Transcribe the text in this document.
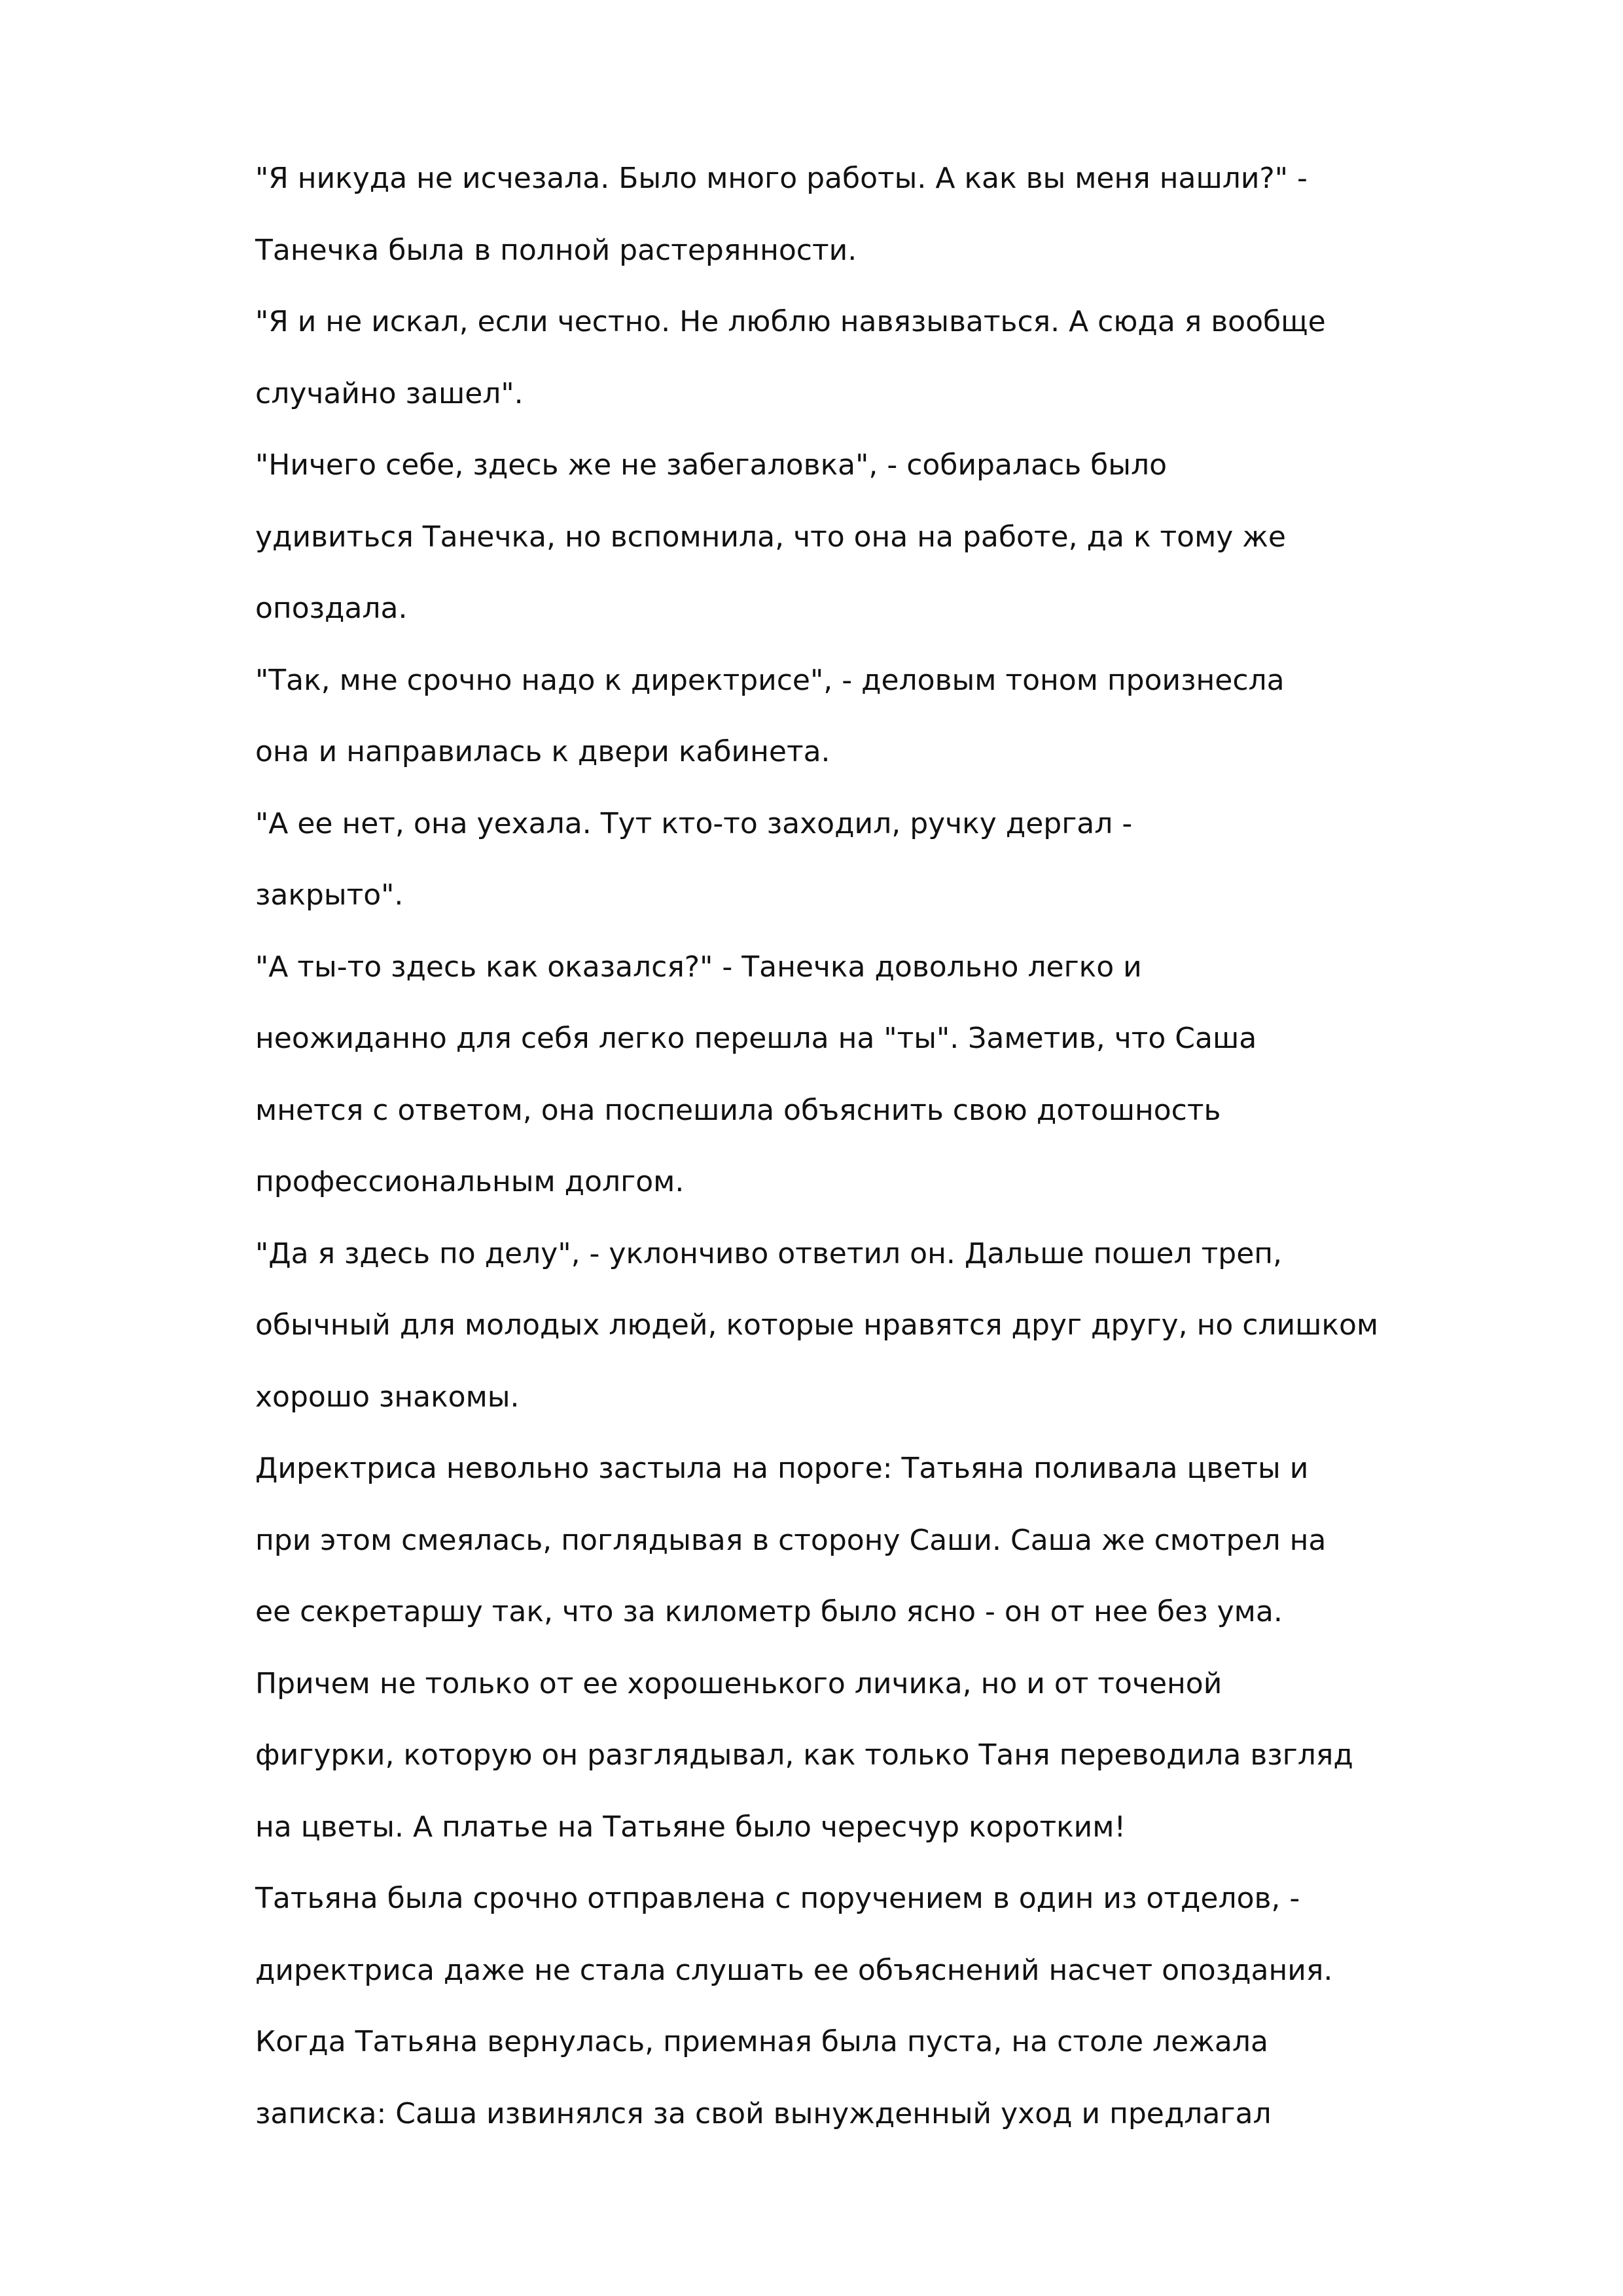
"Я никуда не исчезала. Было много работы. А как вы меня нашли?" -
Танечка была в полной растерянности.
"Я и не искал, если честно. Не люблю навязываться. А сюда я вообще
случайно зашел".
"Ничего себе, здесь же не забегаловка", - собиралась было
удивиться Танечка, но вспомнила, что она на работе, да к тому же
опоздала.
"Так, мне срочно надо к директрисе", - деловым тоном произнесла
она и направилась к двери кабинета.
"А ее нет, она уехала. Тут кто-то заходил, ручку дергал -
закрыто".
"А ты-то здесь как оказался?" - Танечка довольно легко и
неожиданно для себя легко перешла на "ты". Заметив, что Саша
мнется с ответом, она поспешила объяснить свою дотошность
профессиональным долгом.
"Да я здесь по делу", - уклончиво ответил он. Дальше пошел треп,
обычный для молодых людей, которые нравятся друг другу, но слишком
хорошо знакомы.
Директриса невольно застыла на пороге: Татьяна поливала цветы и
при этом смеялась, поглядывая в сторону Саши. Саша же смотрел на
ее секретаршу так, что за километр было ясно - он от нее без ума.
Причем не только от ее хорошенького личика, но и от точеной
фигурки, которую он разглядывал, как только Таня переводила взгляд
на цветы. А платье на Татьяне было чересчур коротким!
Татьяна была срочно отправлена с поручением в один из отделов, -
директриса даже не стала слушать ее объяснений насчет опоздания.
Когда Татьяна вернулась, приемная была пуста, на столе лежала
записка: Саша извинялся за свой вынужденный уход и предлагал
